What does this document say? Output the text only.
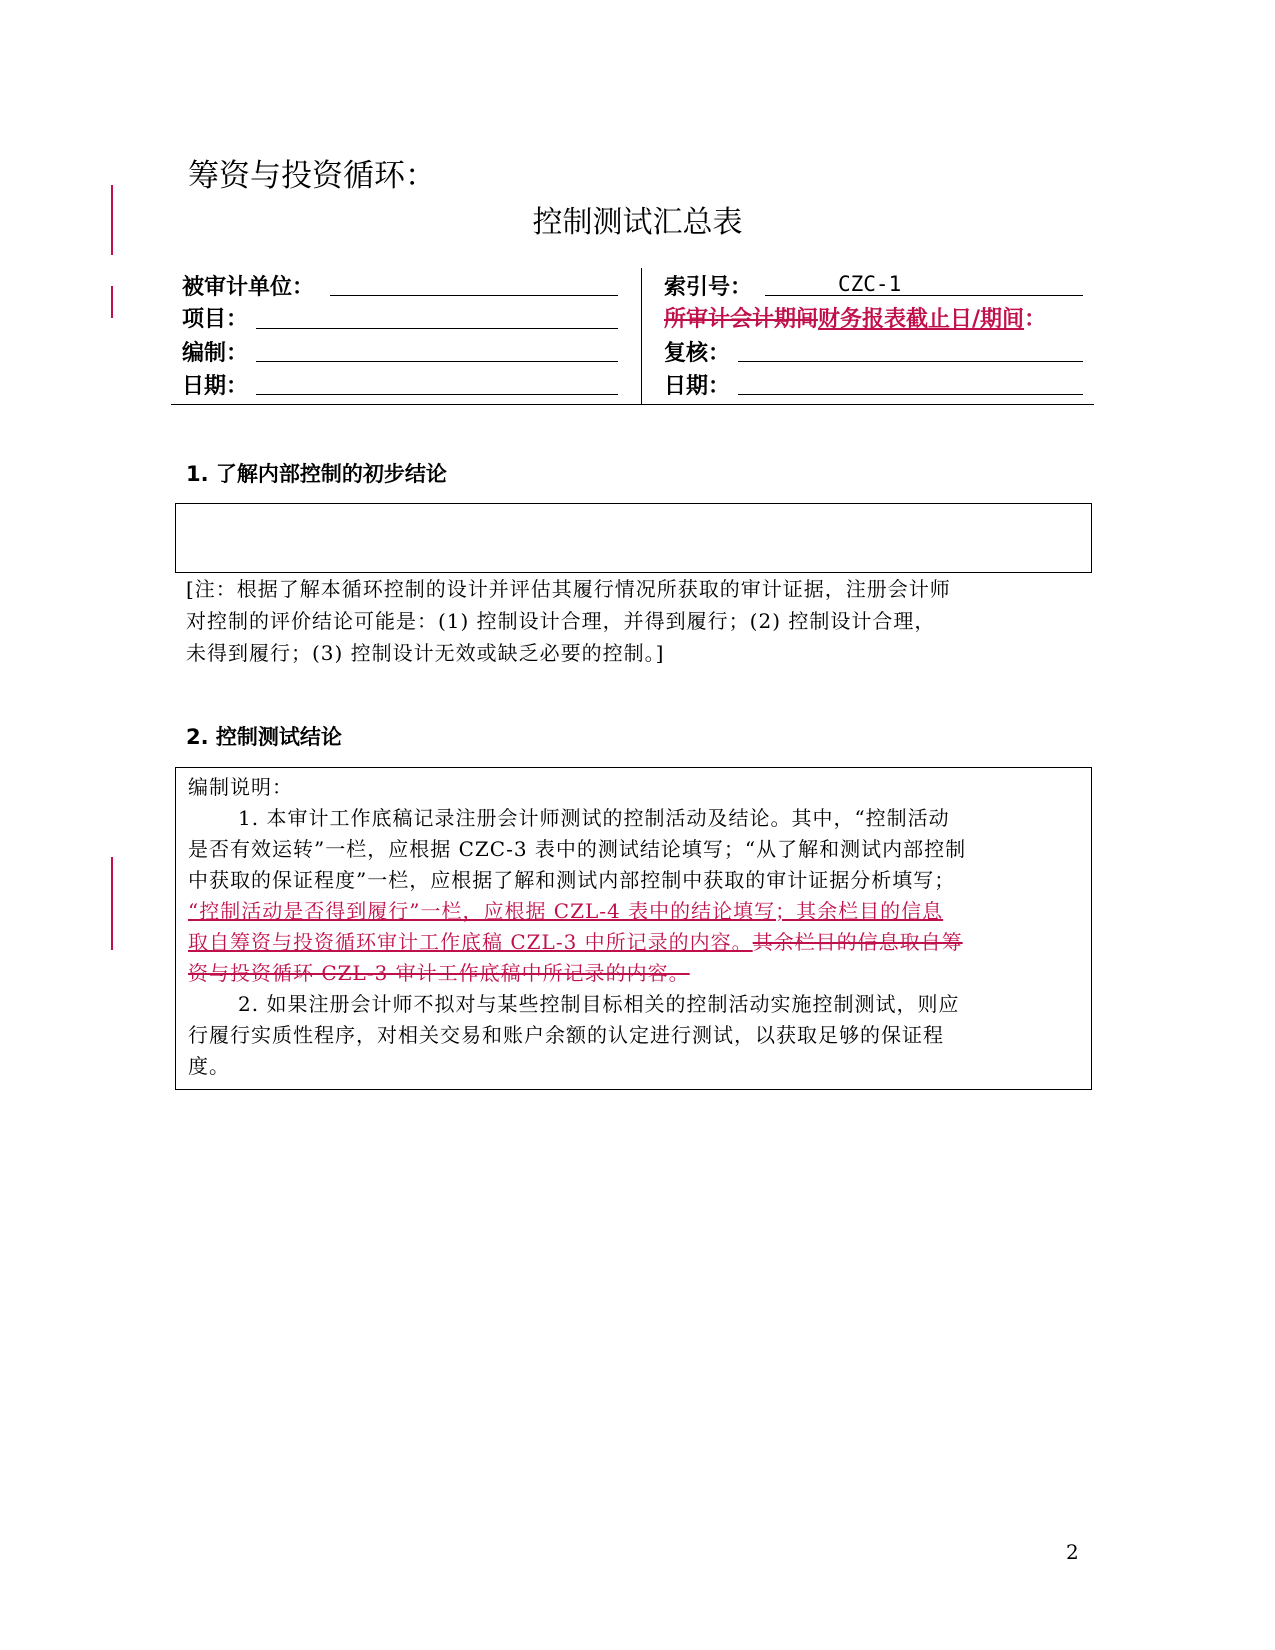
筹资与投资循环：
控制测试汇总表
被审计单位：
项目：
编制：
日期：
索引号：	CZC-1
所审计会计期间财务报表截止日/期间：
复核：
日期：
1. 了解内部控制的初步结论
[注：根据了解本循环控制的设计并评估其履行情况所获取的审计证据，注册会计师
对控制的评价结论可能是：(1) 控制设计合理，并得到履行；(2) 控制设计合理，
未得到履行；(3) 控制设计无效或缺乏必要的控制。]
2. 控制测试结论
编制说明：
1. 本审计工作底稿记录注册会计师测试的控制活动及结论。其中，“控制活动
是否有效运转”一栏，应根据 CZC-3 表中的测试结论填写；“从了解和测试内部控制
中获取的保证程度”一栏，应根据了解和测试内部控制中获取的审计证据分析填写；
“控制活动是否得到履行”一栏，应根据 CZL-4 表中的结论填写；其余栏目的信息
取自筹资与投资循环审计工作底稿 CZL-3 中所记录的内容。其余栏目的信息取自筹
资与投资循环 CZL-3 审计工作底稿中所记录的内容。
2. 如果注册会计师不拟对与某些控制目标相关的控制活动实施控制测试，则应
行履行实质性程序，对相关交易和账户余额的认定进行测试，以获取足够的保证程
度。
2
